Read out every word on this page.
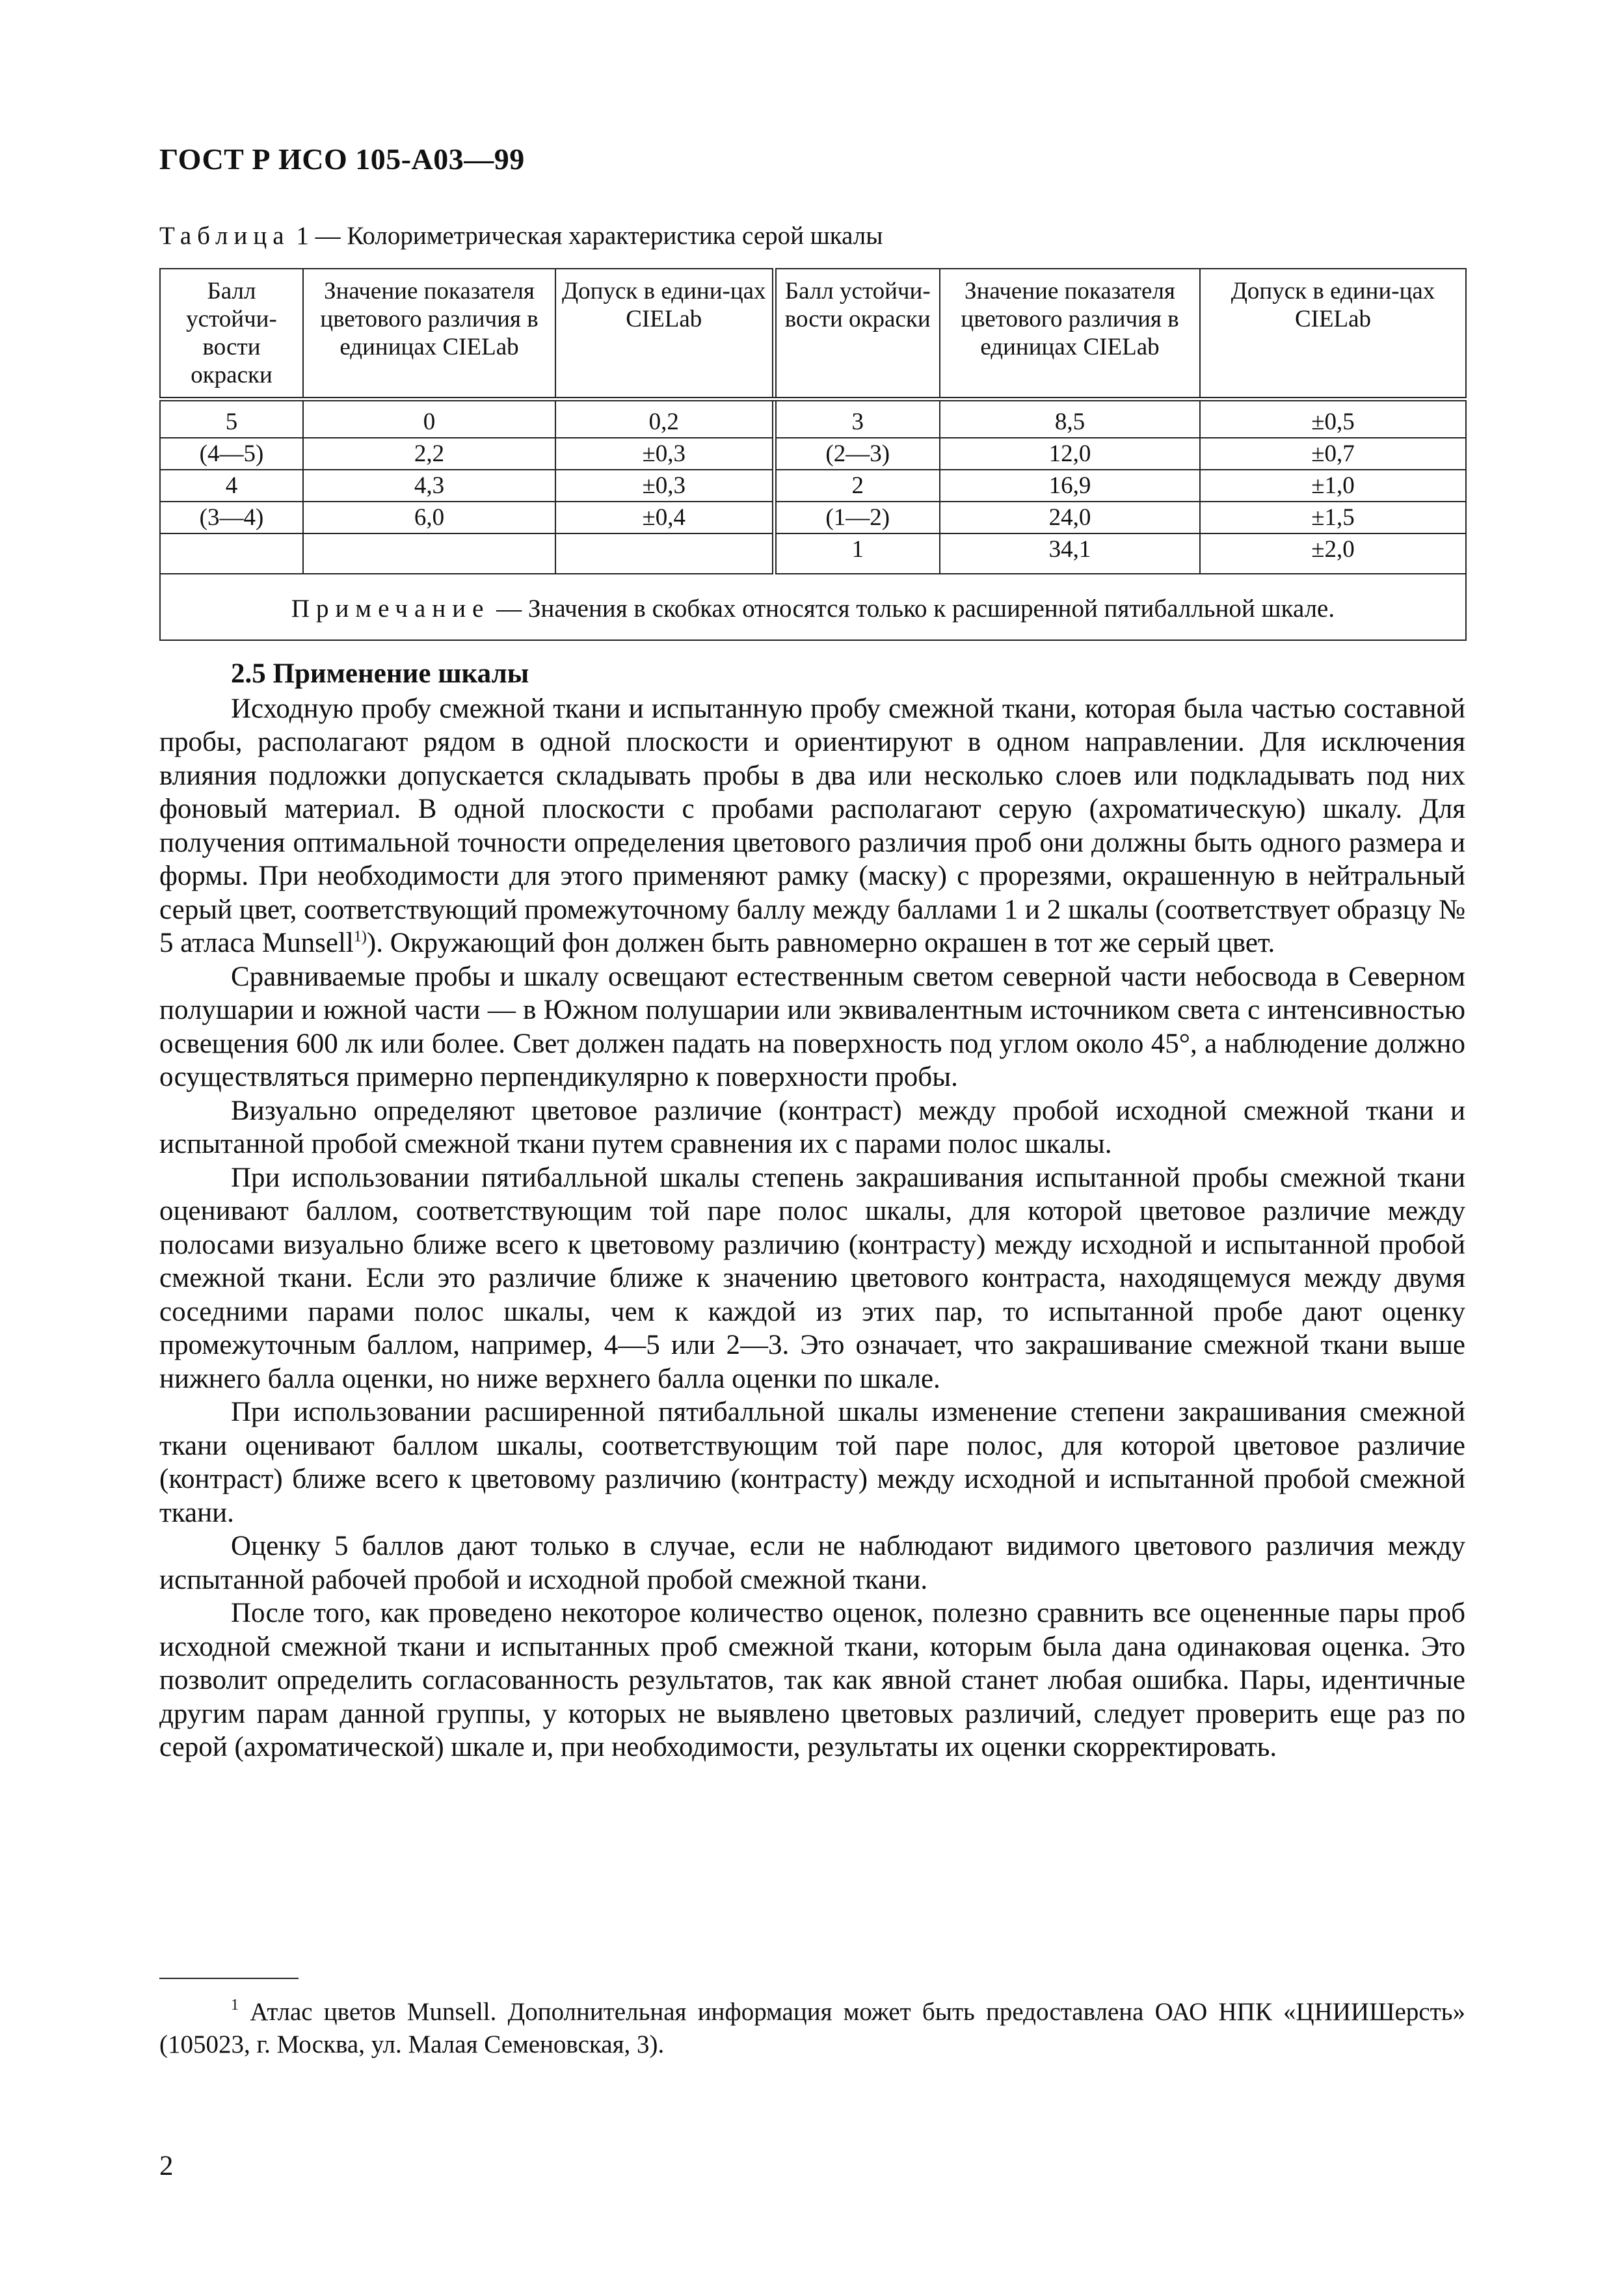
ГОСТ Р ИСО 105-А03—99
Таблица 1 — Колориметрическая характеристика серой шкалы
Балл устойчи-вости окраски	Значение показателя цветового различия в единицах CIELab	Допуск в едини-цах CIELab	Балл устойчи-вости окраски	Значение показателя цветового различия в единицах CIELab	Допуск в едини-цах CIELab
5	0	0,2	3	8,5	±0,5
(4—5)	2,2	±0,3	(2—3)	12,0	±0,7
4	4,3	±0,3	2	16,9	±1,0
(3—4)	6,0	±0,4	(1—2)	24,0	±1,5
			1	34,1	±2,0
Примечание — Значения в скобках относятся только к расширенной пятибалльной шкале.					
2.5 Применение шкалы

Исходную пробу смежной ткани и испытанную пробу смежной ткани, которая была частью составной пробы, располагают рядом в одной плоскости и ориентируют в одном направлении. Для исключения влияния подложки допускается складывать пробы в два или несколько слоев или подкладывать под них фоновый материал. В одной плоскости с пробами располагают серую (ахроматическую) шкалу. Для получения оптимальной точности определения цветового различия проб они должны быть одного размера и формы. При необходимости для этого применяют рамку (маску) с прорезями, окрашенную в нейтральный серый цвет, соответствующий промежуточному баллу между баллами 1 и 2 шкалы (соответствует образцу № 5 атласа Munsell$^{1)}$). Окружающий фон должен быть равномерно окрашен в тот же серый цвет.

Сравниваемые пробы и шкалу освещают естественным светом северной части небосвода в Северном полушарии и южной части — в Южном полушарии или эквивалентным источником света с интенсивностью освещения 600 лк или более. Свет должен падать на поверхность под углом около 45°, а наблюдение должно осуществляться примерно перпендикулярно к поверхности пробы.

Визуально определяют цветовое различие (контраст) между пробой исходной смежной ткани и испытанной пробой смежной ткани путем сравнения их с парами полос шкалы.

При использовании пятибалльной шкалы степень закрашивания испытанной пробы смежной ткани оценивают баллом, соответствующим той паре полос шкалы, для которой цветовое различие между полосами визуально ближе всего к цветовому различию (контрасту) между исходной и испытанной пробой смежной ткани. Если это различие ближе к значению цветового контраста, находящемуся между двумя соседними парами полос шкалы, чем к каждой из этих пар, то испытанной пробе дают оценку промежуточным баллом, например, 4—5 или 2—3. Это означает, что закрашивание смежной ткани выше нижнего балла оценки, но ниже верхнего балла оценки по шкале.

При использовании расширенной пятибалльной шкалы изменение степени закрашивания смежной ткани оценивают баллом шкалы, соответствующим той паре полос, для которой цветовое различие (контраст) ближе всего к цветовому различию (контрасту) между исходной и испытанной пробой смежной ткани.

Оценку 5 баллов дают только в случае, если не наблюдают видимого цветового различия между испытанной рабочей пробой и исходной пробой смежной ткани.

После того, как проведено некоторое количество оценок, полезно сравнить все оцененные пары проб исходной смежной ткани и испытанных проб смежной ткани, которым была дана одинаковая оценка. Это позволит определить согласованность результатов, так как явной станет любая ошибка. Пары, идентичные другим парам данной группы, у которых не выявлено цветовых различий, следует проверить еще раз по серой (ахроматической) шкале и, при необходимости, результаты их оценки скорректировать.

$^1$ Атлас цветов Munsell. Дополнительная информация может быть предоставлена ОАО НПК «ЦНИИШерсть» (105023, г. Москва, ул. Малая Семеновская, 3).
2
